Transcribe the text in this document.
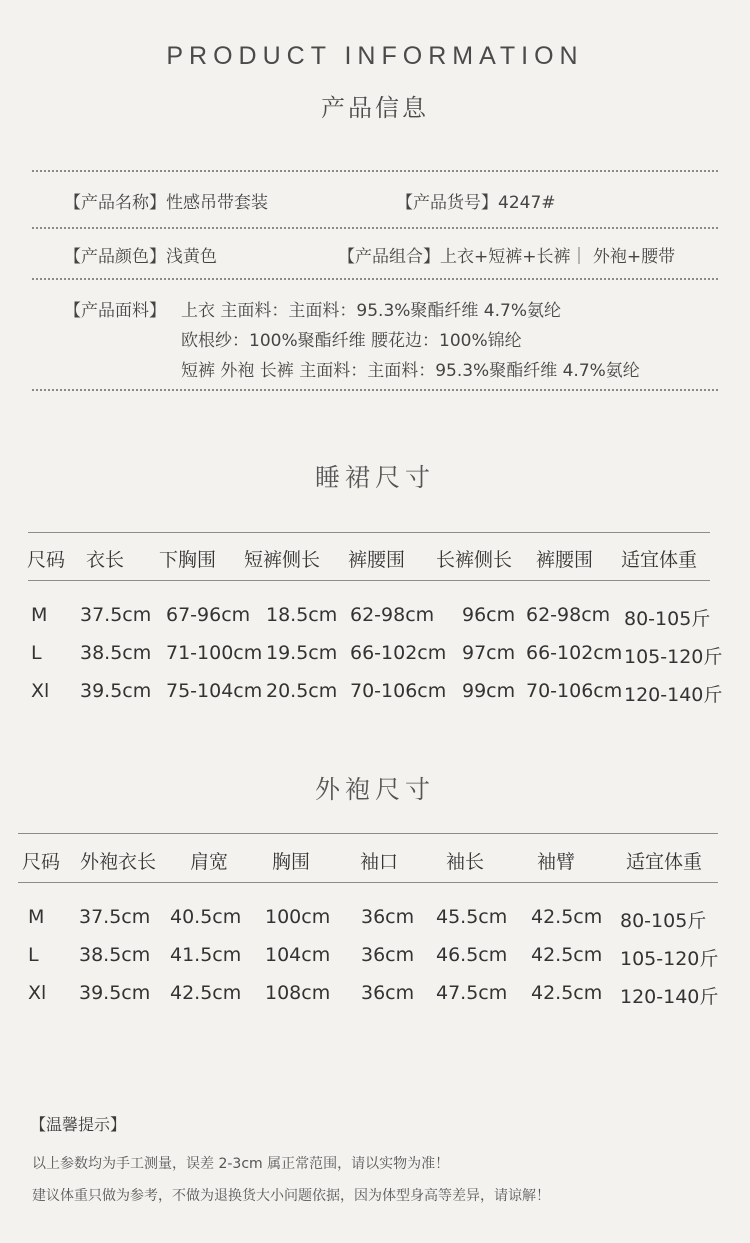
PRODUCT INFORMATION
产品信息
【产品名称】性感吊带套装	【产品货号】4247#
【产品颜色】浅黄色	【产品组合】上衣+短裤+长裤｜ 外袍+腰带
【产品面料】 上衣 主面料：主面料：95.3%聚酯纤维 4.7%氨纶
欧根纱：100%聚酯纤维 腰花边：100%锦纶
短裤 外袍 长裤 主面料：主面料：95.3%聚酯纤维 4.7%氨纶
睡裙尺寸
尺码 衣长 下胸围 短裤侧长 裤腰围 长裤侧长 裤腰围 适宜体重
M 37.5cm 67-96cm 18.5cm 62-98cm 96cm 62-98cm 80-105斤
L 38.5cm 71-100cm 19.5cm 66-102cm 97cm 66-102cm 105-120斤
Xl 39.5cm 75-104cm 20.5cm 70-106cm 99cm 70-106cm 120-140斤
外袍尺寸
尺码 外袍衣长 肩宽 胸围	袖口	袖长	袖臂	适宜体重
M 37.5cm 40.5cm 100cm 36cm 45.5cm 42.5cm 80-105斤
L 38.5cm 41.5cm 104cm 36cm 46.5cm 42.5cm 105-120斤
Xl 39.5cm 42.5cm 108cm 36cm 47.5cm 42.5cm 120-140斤
【温馨提示】
以上参数均为手工测量，误差 2-3cm 属正常范围，请以实物为准！
建议体重只做为参考，不做为退换货大小问题依据，因为体型身高等差异，请谅解！
